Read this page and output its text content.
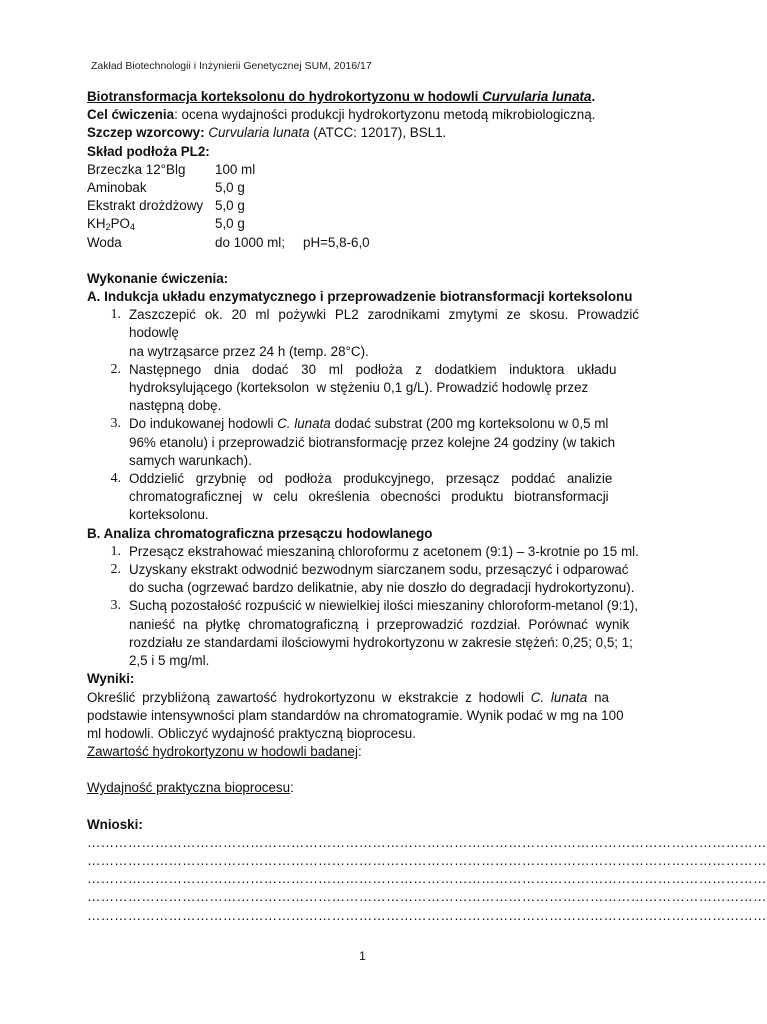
Zakład Biotechnologii i Inżynierii Genetycznej SUM, 2016/17

Biotransformacja korteksolonu do hydrokortyzonu w hodowli Curvularia lunata.

Cel ćwiczenia: ocena wydajności produkcji hydrokortyzonu metodą mikrobiologiczną.

Szczep wzorcowy: Curvularia lunata (ATCC: 12017), BSL1.

Skład podłoża PL2:

Brzeczka 12°Blg	100 ml
Aminobak	5,0 g
Ekstrakt drożdżowy 5,0 g
$KH_2PO_4$	5,0 g
Woda	do 1000 ml;	pH=5,8-6,0

Wykonanie ćwiczenia:

A. Indukcja układu enzymatycznego i przeprowadzenie biotransformacji korteksolonu

1. Zaszczepić ok. 20 ml pożywki PL2 zarodnikami zmytymi ze skosu. Prowadzić hodowlę
na wytrząsarce przez 24 h (temp. 28°C).
2. Następnego dnia dodać 30 ml podłoża z dodatkiem induktora układu
hydroksylującego (korteksolon  w stężeniu 0,1 g/L). Prowadzić hodowlę przez
następną dobę.
3. Do indukowanej hodowli C. lunata dodać substrat (200 mg korteksolonu w 0,5 ml
96% etanolu) i przeprowadzić biotransformację przez kolejne 24 godziny (w takich
samych warunkach).
4. Oddzielić grzybnię od podłoża produkcyjnego, przesącz poddać analizie
chromatograficznej w celu określenia obecności produktu biotransformacji
korteksolonu.

B. Analiza chromatograficzna przesączu hodowlanego

1. Przesącz ekstrahować mieszaniną chloroformu z acetonem (9:1) – 3-krotnie po 15 ml.
2. Uzyskany ekstrakt odwodnić bezwodnym siarczanem sodu, przesączyć i odparować
do sucha (ogrzewać bardzo delikatnie, aby nie doszło do degradacji hydrokortyzonu).
3. Suchą pozostałość rozpuścić w niewielkiej ilości mieszaniny chloroform-metanol (9:1),
nanieść na płytkę chromatograficzną i przeprowadzić rozdział. Porównać wynik
rozdziału ze standardami ilościowymi hydrokortyzonu w zakresie stężeń: 0,25; 0,5; 1;
2,5 i 5 mg/ml.

Wyniki:

Określić przybliżoną zawartość hydrokortyzonu w ekstrakcie z hodowli C. lunata na

podstawie intensywności plam standardów na chromatogramie. Wynik podać w mg na 100

ml hodowli. Obliczyć wydajność praktyczną bioprocesu.

Zawartość hydrokortyzonu w hodowli badanej:

Wydajność praktyczna bioprocesu:

Wnioski:

……………………………………………………………………………………………………………………………………

……………………………………………………………………………………………………………………………………

……………………………………………………………………………………………………………………………………

……………………………………………………………………………………………………………………………………

……………………………………………………………………………………………………………………………………

1
